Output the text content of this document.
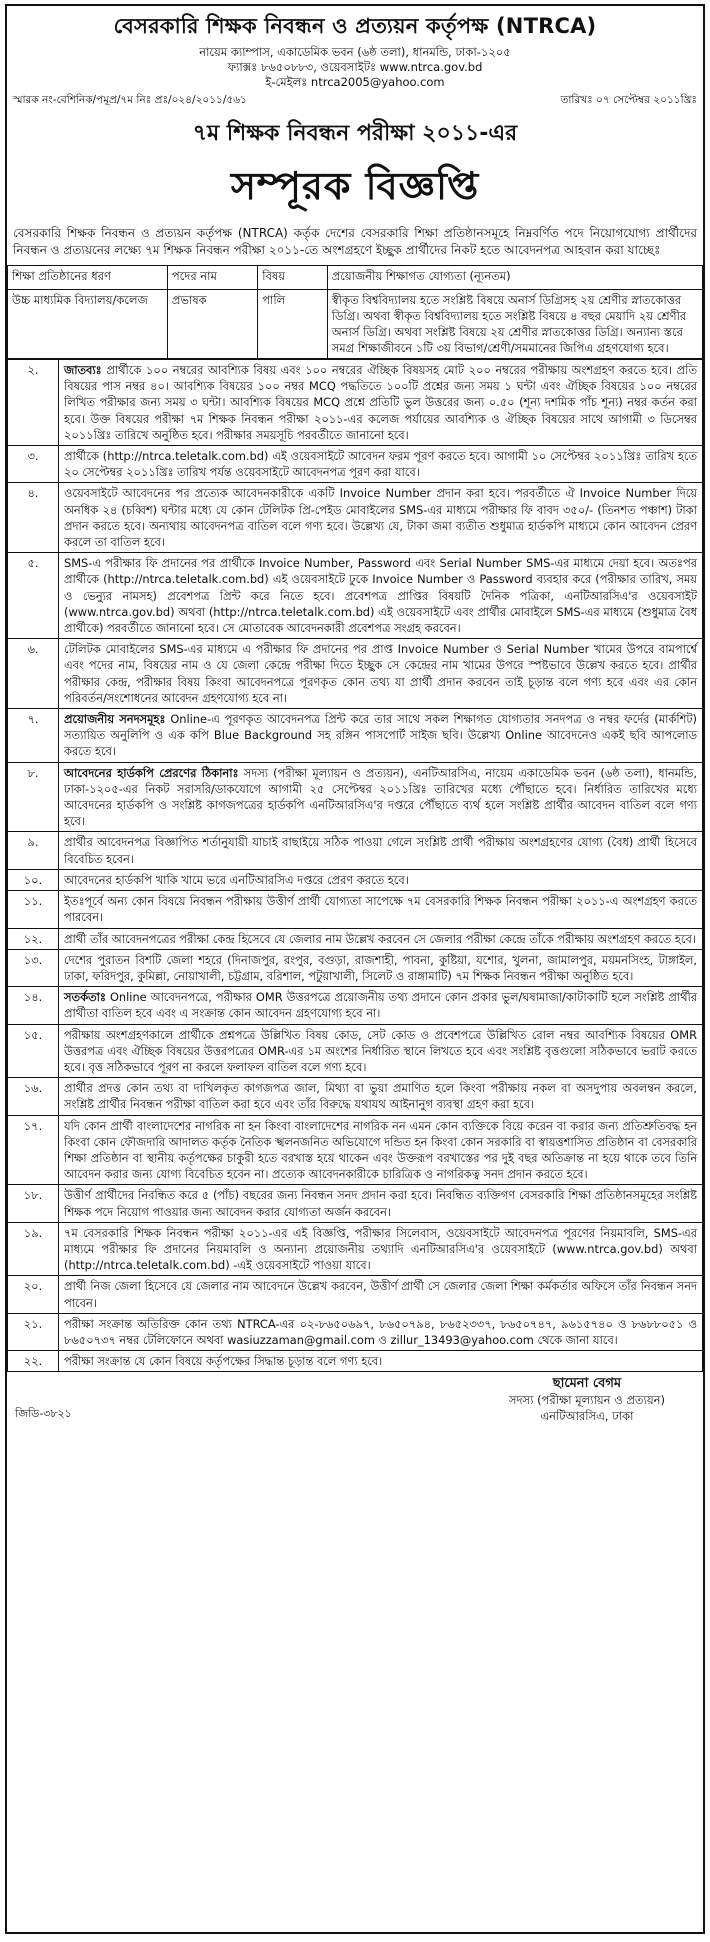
বেসরকারি শিক্ষক নিবন্ধন ও প্রত্যয়ন কর্তৃপক্ষ (NTRCA)
নায়েম ক্যাম্পাস, একাডেমিক ভবন (৬ষ্ঠ তলা), ধানমন্ডি, ঢাকা-১২০৫
ফ্যাক্সঃ ৮৬৫০৮৮৩, ওয়েবসাইটঃ www.ntrca.gov.bd
ই-মেইলঃ ntrca2005@yahoo.com
স্মারক নং-বেশিনিক/পমূপ্র/৭ম নিঃ প্রঃ/০২৪/২০১১/৫৬১	তারিখঃ ০৭ সেপ্টেম্বর ২০১১খ্রিঃ
৭ম শিক্ষক নিবন্ধন পরীক্ষা ২০১১-এর
সম্পূরক বিজ্ঞপ্তি
বেসরকারি শিক্ষক নিবন্ধন ও প্রত্যয়ন কর্তৃপক্ষ (NTRCA) কর্তৃক দেশের বেসরকারি শিক্ষা প্রতিষ্ঠানসমূহে নিম্নবর্ণিত পদে নিয়োগযোগ্য প্রার্থীদের নিবন্ধন ও প্রত্যয়নের লক্ষ্যে ৭ম শিক্ষক নিবন্ধন পরীক্ষা ২০১১-তে অংশগ্রহণে ইচ্ছুক প্রার্থীদের নিকট হতে আবেদনপত্র আহবান করা যাচ্ছেঃ
শিক্ষা প্রতিষ্ঠানের ধরণ	পদের নাম	বিষয়	প্রয়োজনীয় শিক্ষাগত যোগ্যতা (ন্যূনতম)
উচ্চ মাধ্যমিক বিদ্যালয়/কলেজ	প্রভাষক	পালি	স্বীকৃত বিশ্ববিদ্যালয় হতে সংশ্লিষ্ট বিষয়ে অনার্স ডিগ্রিসহ ২য় শ্রেণীর স্নাতকোত্তর ডিগ্রি। অথবা স্বীকৃত বিশ্ববিদ্যালয় হতে সংশ্লিষ্ট বিষয়ে ৪ বছর মেয়াদি ২য় শ্রেণীর অনার্স ডিগ্রি। অথবা সংশ্লিষ্ট বিষয়ে ২য় শ্রেণীর স্নাতকোত্তর ডিগ্রি। অন্যান্য স্তরে সমগ্র শিক্ষাজীবনে ১টি ৩য় বিভাগ/শ্রেণী/সমমানের জিপিএ গ্রহণযোগ্য হবে।
২.	জাতব্যঃ প্রার্থীকে ১০০ নম্বরের আবশ্যিক বিষয় এবং ১০০ নম্বরের ঐচ্ছিক বিষয়সহ মোট ২০০ নম্বরের পরীক্ষায় অংশগ্রহণ করতে হবে। প্রতি বিষয়ের পাস নম্বর ৪০। আবশ্যিক বিষয়ের ১০০ নম্বর MCQ পদ্ধতিতে ১০০টি প্রশ্নের জন্য সময় ১ ঘন্টা এবং ঐচ্ছিক বিষয়ের ১০০ নম্বরের লিখিত পরীক্ষার জন্য সময় ৩ ঘন্টা। আবশ্যিক বিষয়ের MCQ প্রশ্নে প্রতিটি ভুল উত্তরের জন্য ০.৫০ (শূন্য দশমিক পাঁচ শূন্য) নম্বর কর্তন করা হবে। উক্ত বিষয়ের পরীক্ষা ৭ম শিক্ষক নিবন্ধন পরীক্ষা ২০১১-এর কলেজ পর্যায়ের আবশ্যিক ও ঐচ্ছিক বিষয়ের সাথে আগামী ৩ ডিসেম্বর ২০১১খ্রিঃ তারিখে অনুষ্ঠিত হবে। পরীক্ষার সময়সূচি পরবর্তীতে জানানো হবে।
৩.	প্রার্থীকে (http://ntrca.teletalk.com.bd) এই ওয়েবসাইটে আবেদন ফরম পূরণ করতে হবে। আগামী ১০ সেপ্টেম্বর ২০১১খ্রিঃ তারিখ হতে ২০ সেপ্টেম্বর ২০১১খ্রিঃ তারিখ পর্যন্ত ওয়েবসাইটে আবেদনপত্র পূরণ করা যাবে।
৪.	ওয়েবসাইটে আবেদনের পর প্রত্যেক আবেদনকারীকে একটি Invoice Number প্রদান করা হবে। পরবর্তীতে ঐ Invoice Number দিয়ে অনধিক ২৪ (চব্বিশ) ঘন্টার মধ্যে যে কোন টেলিটক প্রি-পেইড মোবাইলের SMS-এর মাধ্যমে পরীক্ষার ফি বাবদ ৩৫০/- (তিনশত পঞ্চাশ) টাকা প্রদান করতে হবে। অন্যথায় আবেদনপত্র বাতিল বলে গণ্য হবে। উল্লেখ্য যে, টাকা জমা ব্যতীত শুধুমাত্র হার্ডকপি মাধ্যমে কোন আবেদন প্রেরণ করলে তা বাতিল হবে।
৫.	SMS-এ পরীক্ষার ফি প্রদানের পর প্রার্থীকে Invoice Number, Password এবং Serial Number SMS-এর মাধ্যমে দেয়া হবে। অতঃপর প্রার্থীকে (http://ntrca.teletalk.com.bd) এই ওয়েবসাইটে ঢুকে Invoice Number ও Password ব্যবহার করে (পরীক্ষার তারিখ, সময় ও ভেন্যুর নামসহ) প্রবেশপত্র প্রিন্ট করে নিতে হবে। প্রবেশপত্র প্রাপ্তির বিষয়টি দৈনিক পত্রিকা, এনটিআরসিএ'র ওয়েবসাইট (www.ntrca.gov.bd) অথবা (http://ntrca.teletalk.com.bd) এই ওয়েবসাইটে এবং প্রার্থীর মোবাইলে SMS-এর মাধ্যমে (শুধুমাত্র বৈধ প্রার্থীকে) পরবর্তীতে জানানো হবে। সে মোতাবেক আবেদনকারী প্রবেশপত্র সংগ্রহ করবেন।
৬.	টেলিটক মোবাইলের SMS-এর মাধ্যমে এ পরীক্ষার ফি প্রদানের পর প্রাপ্ত Invoice Number ও Serial Number খামের উপরে বামপার্শ্বে এবং পদের নাম, বিষয়ের নাম ও যে জেলা কেন্দ্রে পরীক্ষা দিতে ইচ্ছুক সে কেন্দ্রের নাম খামের উপরে স্পষ্টভাবে উল্লেখ করতে হবে। প্রার্থীর পরীক্ষার কেন্দ্র, পরীক্ষার বিষয় কিংবা আবেদনপত্রে পূরণকৃত কোন তথ্য যা প্রার্থী প্রদান করবেন তাই চূড়ান্ত বলে গণ্য হবে এবং এর কোন পরিবর্তন/সংশোধনের আবেদন গ্রহণযোগ্য হবে না।
৭.	প্রয়োজনীয় সনদসমূহঃ Online-এ পূরণকৃত আবেদনপত্র প্রিন্ট করে তার সাথে সকল শিক্ষাগত যোগ্যতার সনদপত্র ও নম্বর ফর্দের (মার্কশিট) সত্যায়িত অনুলিপি ও এক কপি Blue Background সহ রঙ্গিন পাসপোর্ট সাইজ ছবি। উল্লেখ্য Online আবেদনেও একই ছবি আপলোড করতে হবে।
৮.	আবেদনের হার্ডকপি প্রেরণের ঠিকানাঃ সদস্য (পরীক্ষা মূল্যায়ন ও প্রত্যয়ন), এনটিআরসিএ, নায়েম একাডেমিক ভবন (৬ষ্ঠ তলা), ধানমন্ডি, ঢাকা-১২০৫-এর নিকট সরাসরি/ডাকযোগে আগামী ২৫ সেপ্টেম্বর ২০১১খ্রিঃ তারিখের মধ্যে পৌঁছাতে হবে। নির্ধারিত তারিখের মধ্যে আবেদনের হার্ডকপি ও সংশ্লিষ্ট কাগজপত্রের হার্ডকপি এনটিআরসিএ'র দপ্তরে পৌঁছাতে ব্যর্থ হলে সংশ্লিষ্ট প্রার্থীর আবেদন বাতিল বলে গণ্য হবে।
৯.	প্রার্থীর আবেদনপত্র বিজ্ঞাপিত শর্তানুযায়ী যাচাই বাছাইয়ে সঠিক পাওয়া গেলে সংশ্লিষ্ট প্রার্থী পরীক্ষায় অংশগ্রহণের যোগ্য (বৈধ) প্রার্থী হিসেবে বিবেচিত হবেন।
১০.	আবেদনের হার্ডকপি খাকি খামে ভরে এনটিআরসিএ দপ্তরে প্রেরণ করতে হবে।
১১.	ইতঃপূর্বে অন্য কোন বিষয়ে নিবন্ধন পরীক্ষায় উত্তীর্ণ প্রার্থী যোগ্যতা সাপেক্ষে ৭ম বেসরকারি শিক্ষক নিবন্ধন পরীক্ষা ২০১১-এ অংশগ্রহণ করতে পারবেন।
১২.	প্রার্থী তাঁর আবেদনপত্রের পরীক্ষা কেন্দ্র হিসেবে যে জেলার নাম উল্লেখ করবেন সে জেলার পরীক্ষা কেন্দ্রে তাঁকে পরীক্ষায় অংশগ্রহণ করতে হবে।
১৩.	দেশের পুরাতন বিশটি জেলা শহরে (দিনাজপুর, রংপুর, বগুড়া, রাজশাহী, পাবনা, কুষ্টিয়া, যশোর, খুলনা, জামালপুর, ময়মনসিংহ, টাঙ্গাইল, ঢাকা, ফরিদপুর, কুমিল্লা, নোয়াখালী, চট্টগ্রাম, বরিশাল, পটুয়াখালী, সিলেট ও রাঙ্গামাটি) ৭ম শিক্ষক নিবন্ধন পরীক্ষা অনুষ্ঠিত হবে।
১৪.	সতর্কতাঃ Online আবেদনপত্রে, পরীক্ষার OMR উত্তরপত্রে প্রয়োজনীয় তথ্য প্রদানে কোন প্রকার ভুল/ঘষামাজা/কাটাকাটি হলে সংশ্লিষ্ট প্রার্থীর প্রার্থীতা বাতিল হবে এবং এ সংক্রান্ত কোন আবেদন গ্রহণযোগ্য হবে না।
১৫.	পরীক্ষায় অংশগ্রহণকালে প্রার্থীকে প্রশ্নপত্রে উল্লিখিত বিষয় কোড, সেট কোড ও প্রবেশপত্রে উল্লিখিত রোল নম্বর আবশ্যিক বিষয়ের OMR উত্তরপত্র এবং ঐচ্ছিক বিষয়ের উত্তরপত্রের OMR-এর ১ম অংশের নির্ধারিত স্থানে লিখতে হবে এবং সংশ্লিষ্ট বৃত্তগুলো সঠিকভাবে ভরাট করতে হবে। বৃত্ত সঠিকভাবে পূরণ না করলে ফলাফল বাতিল বলে গণ্য হবে।
১৬.	প্রার্থীর প্রদত্ত কোন তথ্য বা দাখিলকৃত কাগজপত্র জাল, মিথ্যা বা ভুয়া প্রমাণিত হলে কিংবা পরীক্ষায় নকল বা অসদুপায় অবলম্বন করলে, সংশ্লিষ্ট প্রার্থীর নিবন্ধন পরীক্ষা বাতিল করা হবে এবং তাঁর বিরুদ্ধে যথাযথ আইনানুগ ব্যবস্থা গ্রহণ করা হবে।
১৭.	যদি কোন প্রার্থী বাংলাদেশের নাগরিক না হন কিংবা বাংলাদেশের নাগরিক নন এমন কোন ব্যক্তিকে বিয়ে করেন বা করার জন্য প্রতিশ্রুতিবদ্ধ হন কিংবা কোন ফৌজদারি আদালত কর্তৃক নৈতিক স্খলনজনিত অভিযোগে দন্ডিত হন কিংবা কোন সরকারি বা স্বায়ত্তশাসিত প্রতিষ্ঠান বা বেসরকারি শিক্ষা প্রতিষ্ঠান বা স্থানীয় কর্তৃপক্ষের চাকুরী হতে বরখাস্ত হয়ে থাকেন এবং উক্তরূপ বরখাস্তের পর দুই বছর অতিক্রান্ত না হয়ে থাকে তবে তিনি আবেদন করার জন্য যোগ্য বিবেচিত হবেন না। প্রত্যেক আবেদনকারীকে চারিত্রিক ও নাগরিকত্ব সনদ প্রদান করতে হবে।
১৮.	উত্তীর্ণ প্রার্থীদের নিবন্ধিত করে ৫ (পাঁচ) বছরের জন্য নিবন্ধন সনদ প্রদান করা হবে। নিবন্ধিত ব্যক্তিগণ বেসরকারি শিক্ষা প্রতিষ্ঠানসমূহের সংশ্লিষ্ট শিক্ষক পদে নিয়োগ পাওয়ার জন্য আবেদন করার যোগ্যতা অর্জন করবেন।
১৯.	৭ম বেসরকারি শিক্ষক নিবন্ধন পরীক্ষা ২০১১-এর এই বিজ্ঞপ্তি, পরীক্ষার সিলেবাস, ওয়েবসাইটে আবেদনপত্র পূরণের নিয়মাবলি, SMS-এর মাধ্যমে পরীক্ষার ফি প্রদানের নিয়মাবলি ও অন্যান্য প্রয়োজনীয় তথ্যাদি এনটিআরসিএ'র ওয়েবসাইটে (www.ntrca.gov.bd) অথবা (http://ntrca.teletalk.com.bd) -এই ওয়েবসাইটে পাওয়া যাবে।
২০.	প্রার্থী নিজ জেলা হিসেবে যে জেলার নাম আবেদনে উল্লেখ করবেন, উত্তীর্ণ প্রার্থী সে জেলার জেলা শিক্ষা কর্মকর্তার অফিসে তাঁর নিবন্ধন সনদ পাবেন।
২১.	পরীক্ষা সংক্রান্ত অতিরিক্ত কোন তথ্য NTRCA-এর ০২-৮৬৫০৬৯৭, ৮৬৫০৭৯৪, ৮৬৫২৩৩৭, ৮৬৫০৭৪৭, ৯৬১৫৭৪০ ও ৮৬৮৮০৫১ ও ৮৬৫০৭৩৭ নম্বর টেলিফোনে অথবা wasiuzzaman@gmail.com ও zillur_13493@yahoo.com থেকে জানা যাবে।
২২.	পরীক্ষা সংক্রান্ত যে কোন বিষয়ে কর্তৃপক্ষের সিদ্ধান্ত চূড়ান্ত বলে গণ্য হবে।
জিডি-৩৮২১
ছামেনা বেগম
সদস্য (পরীক্ষা মূল্যায়ন ও প্রত্যয়ন)
এনটিআরসিএ, ঢাকা
